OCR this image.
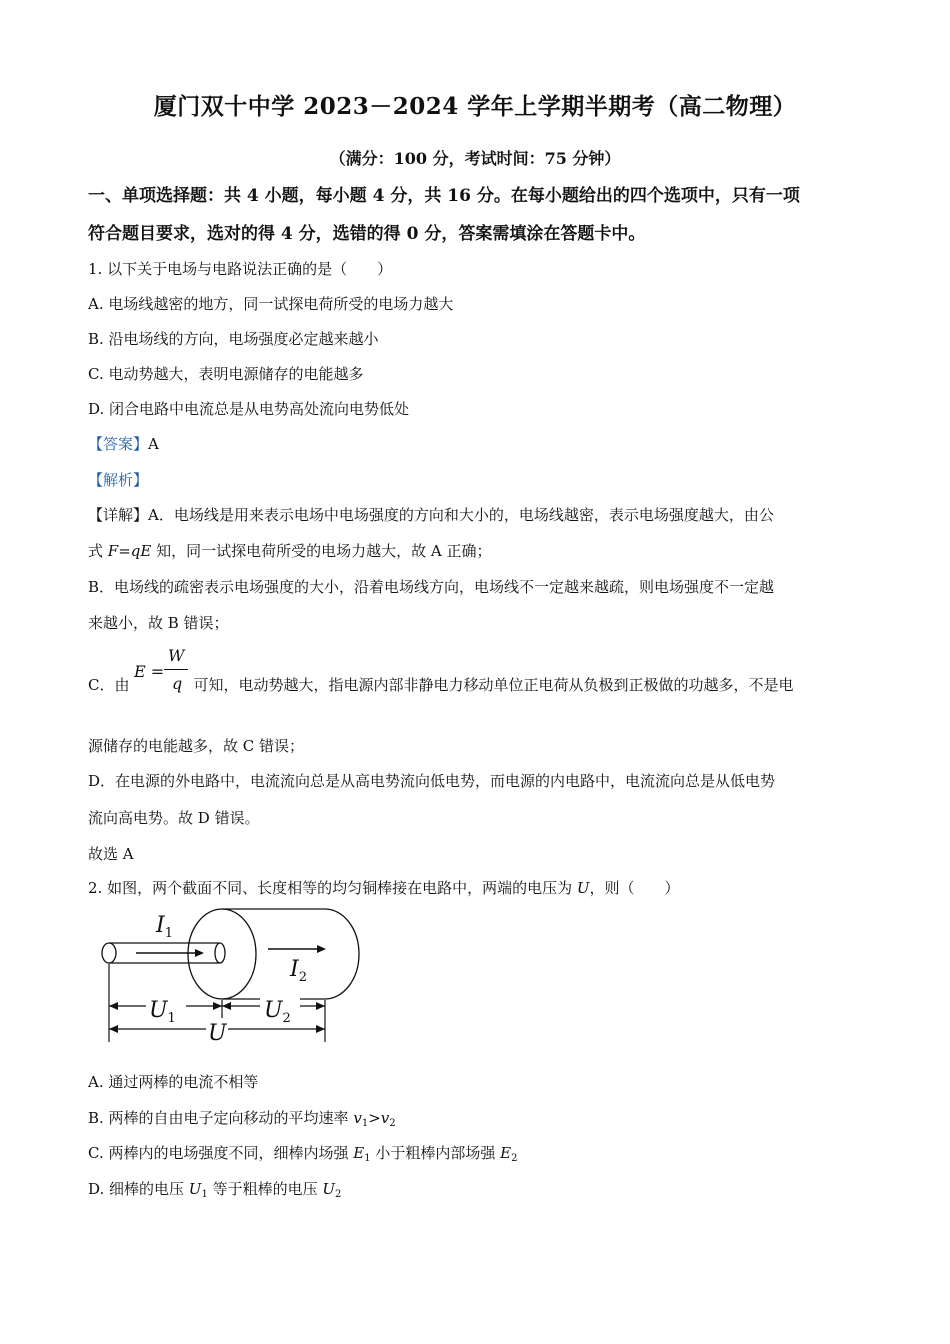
厦门双十中学 2023－2024 学年上学期半期考（高二物理）
（满分：100 分，考试时间：75 分钟）
一、单项选择题：共 4 小题，每小题 4 分，共 16 分。在每小题给出的四个选项中，只有一项
符合题目要求，选对的得 4 分，选错的得 0 分，答案需填涂在答题卡中。
1. 以下关于电场与电路说法正确的是（　　）
A. 电场线越密的地方，同一试探电荷所受的电场力越大
B. 沿电场线的方向，电场强度必定越来越小
C. 电动势越大，表明电源储存的电能越多
D. 闭合电路中电流总是从电势高处流向电势低处
【答案】A
【解析】
【详解】A．电场线是用来表示电场中电场强度的方向和大小的，电场线越密，表示电场强度越大，由公
式 F=qE 知，同一试探电荷所受的电场力越大，故 A 正确；
B．电场线的疏密表示电场强度的大小，沿着电场线方向，电场线不一定越来越疏，则电场强度不一定越
来越小，故 B 错误；
C．由	可知，电动势越大，指电源内部非静电力移动单位正电荷从负极到正极做的功越多，不是电
E =
W
q
源储存的电能越多，故 C 错误；
D．在电源的外电路中，电流流向总是从高电势流向低电势，而电源的内电路中，电流流向总是从低电势
流向高电势。故 D 错误。
故选 A
2. 如图，两个截面不同、长度相等的均匀铜棒接在电路中，两端的电压为 U，则（　　）
$I_1$
$I_2$
$U_1$	$U_2$
U
A. 通过两棒的电流不相等
B. 两棒的自由电子定向移动的平均速率 $v_1>v_2$
C. 两棒内的电场强度不同，细棒内场强 $E_1$ 小于粗棒内部场强 $E_2$
D. 细棒的电压 $U_1$ 等于粗棒的电压 $U_2$
